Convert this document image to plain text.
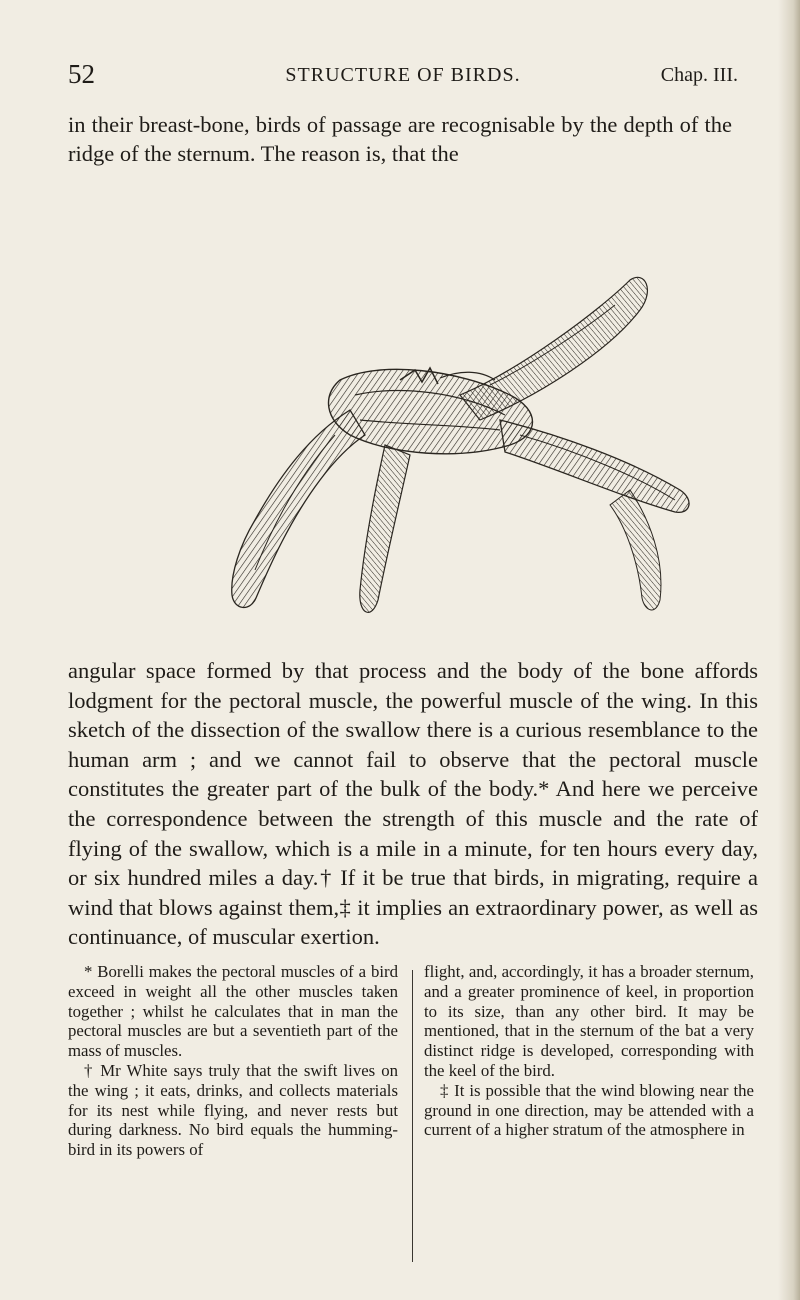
52	STRUCTURE OF BIRDS.	Chap. III.

in their breast-bone, birds of passage are recognisable by the depth of the ridge of the sternum. The reason is, that the

angular space formed by that process and the body of the bone affords lodgment for the pectoral muscle, the powerful muscle of the wing. In this sketch of the dissection of the swallow there is a curious resemblance to the human arm ; and we cannot fail to observe that the pectoral muscle constitutes the greater part of the bulk of the body.* And here we perceive the correspondence between the strength of this muscle and the rate of flying of the swallow, which is a mile in a minute, for ten hours every day, or six hundred miles a day.† If it be true that birds, in migrating, require a wind that blows against them,‡ it implies an extraordinary power, as well as continuance, of muscular exertion.

* Borelli makes the pectoral muscles of a bird exceed in weight all the other muscles taken together ; whilst he calculates that in man the pectoral muscles are but a seventieth part of the mass of muscles.

† Mr White says truly that the swift lives on the wing ; it eats, drinks, and collects materials for its nest while flying, and never rests but during darkness. No bird equals the humming-bird in its powers of

flight, and, accordingly, it has a broader sternum, and a greater prominence of keel, in proportion to its size, than any other bird. It may be mentioned, that in the sternum of the bat a very distinct ridge is developed, corresponding with the keel of the bird.

‡ It is possible that the wind blowing near the ground in one direction, may be attended with a current of a higher stratum of the atmosphere in
